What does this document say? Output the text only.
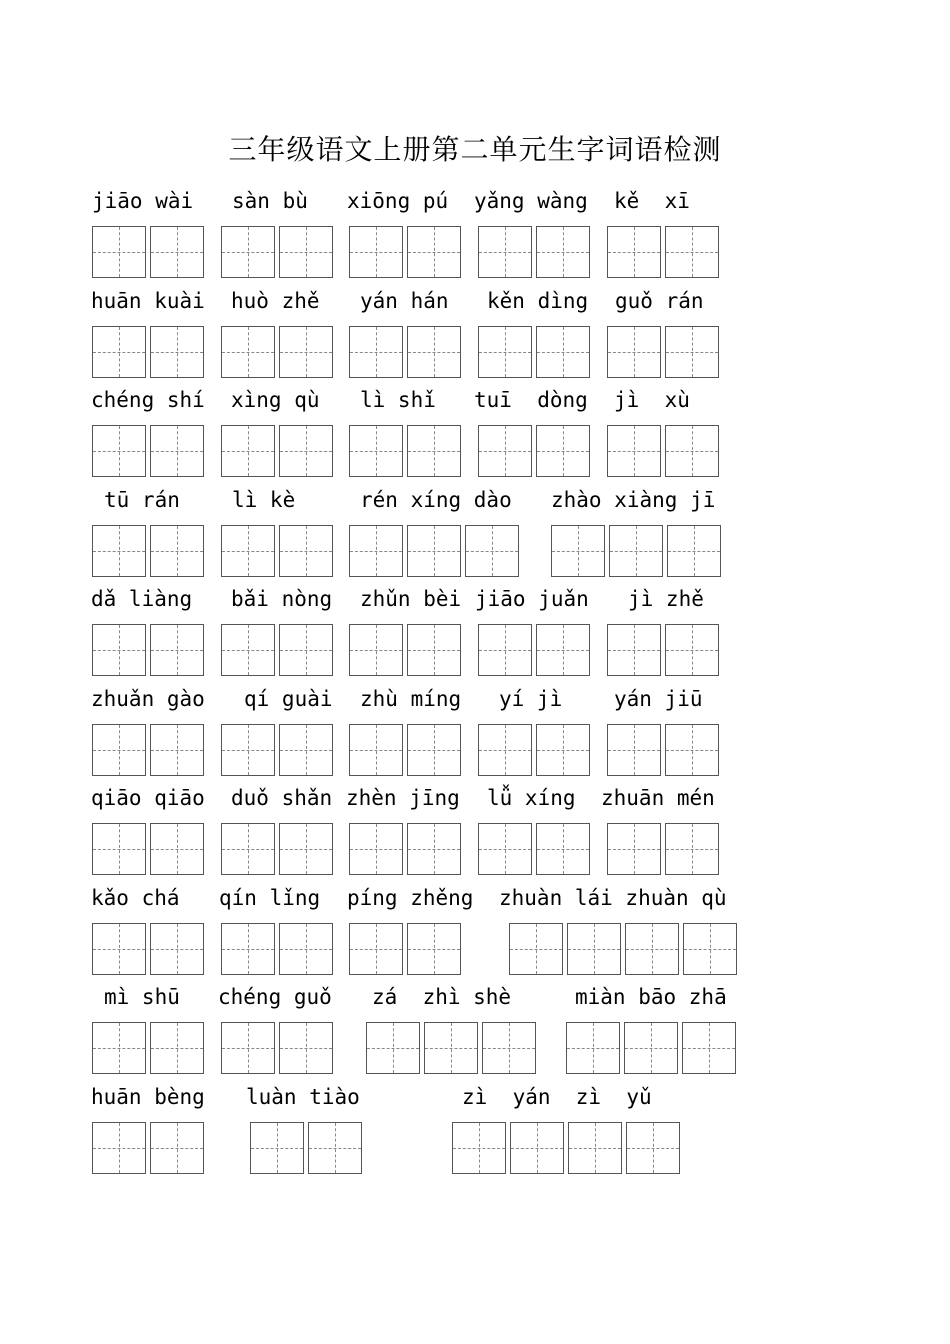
三年级语文上册第二单元生字词语检测
jiāo wài sàn bù xiōng pú yǎng wàng kě  xī
huān kuài huò zhě yán hán kěn dìng guǒ rán
chéng shí xìng qù lì shǐ tuī  dòng jì  xù
tū rán lì kè	rén xíng dào zhào xiàng jī
dǎ liàng bǎi nòng zhǔn bèi jiāo juǎn jì zhě
zhuǎn gào qí guài zhù míng yí jì yán jiū
qiāo qiāo duǒ shǎn zhèn jīng lǚ xíng zhuān mén
kǎo chá qín lǐng píng zhěng zhuàn lái zhuàn qù
mì shū chéng guǒ zá  zhì shè	miàn bāo zhā
huān bèng luàn tiào	zì  yán  zì  yǔ
